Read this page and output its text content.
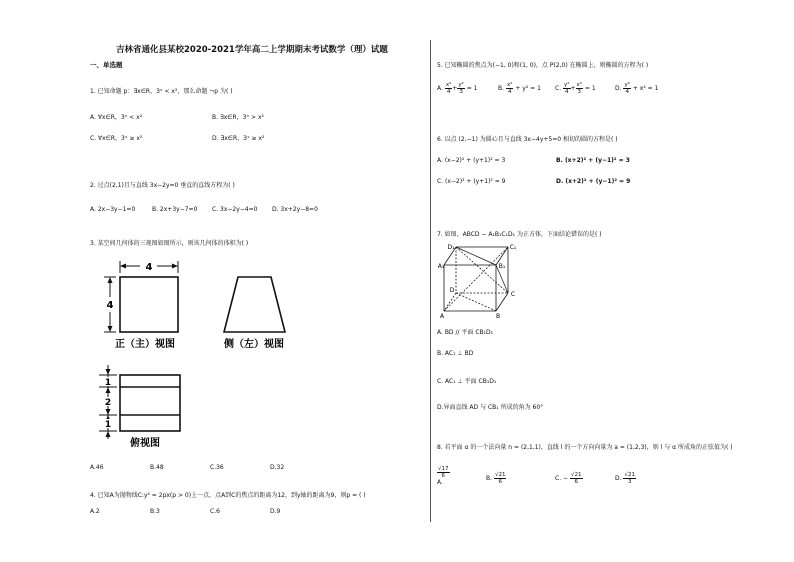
吉林省通化县某校2020-2021学年高二上学期期末考试数学（理）试题
一、单选题
1. 已知命题 p：∃x∈R，3ˣ < x²，那么命题 ¬p 为( )
A. ∀x∈R，3ˣ < x²	B. ∃x∈R，3ˣ > x²
C. ∀x∈R，3ˣ ≥ x²	D. ∃x∈R，3ˣ ≥ x²
2. 过点(2,1)且与直线 3x−2y=0 垂直的直线方程为( )
A. 2x−3y−1=0	B. 2x+3y−7=0 C. 3x−2y−4=0 D. 3x+2y−8=0
3. 某空间几何体的三视图如图所示，则该几何体的体积为( )
4
4
正（主）视图	侧（左）视图
1
2
1
俯视图
A.46	B.48	C.36	D.32
4. 已知A为抛物线C:y² = 2px(p > 0)上一点，点A到C的焦点的距离为12，到y轴的距离为9，则p = ( )
A.2	B.3	C.6	D.9
5. 已知椭圆的焦点为(−1, 0)和(1, 0)，点 P(2,0) 在椭圆上，则椭圆的方程为( )
A. $\frac{\text{x²}}{4} + \frac{\text{y²}}{3} = 1$	B. $\frac{\text{x²}}{4} + y^2 = 1$ C. $\frac{\text{y²}}{4} + \frac{\text{x²}}{3} = 1$	D. $\frac{\text{y²}}{4} + x^2 = 1$
6. 以点 (2,−1) 为圆心且与直线 3x−4y+5=0 相切的圆的方程是( )
A. (x−2)² + (y+1)² = 3	B. (x+2)² + (y−1)² = 3
C. (x−2)² + (y+1)² = 9	D. (x+2)² + (y−1)² = 9
7. 如图，ABCD − A₁B₁C₁D₁ 为正方体，下面结论错误的是( )
D₁	C₁
A₁	B₁
D
C
A	B
A. BD // 平面 CB₁D₁
B. AC₁ ⊥ BD
C. AC₁ ⊥ 平面 CB₁D₁
D.异面直线 AD 与 CB₁ 所成的角为 60°
8. 若平面 α 的一个法向量 n = (2,1,1)，直线 l 的一个方向向量为 a = (1,2,3)，则 l 与 α 所成角的正弦值为( )
$\frac{√17}{6}$
A.
B. $\frac{√21}{6}$	C. − $\frac{√21}{6}$	D. $\frac{√21}{3}$
